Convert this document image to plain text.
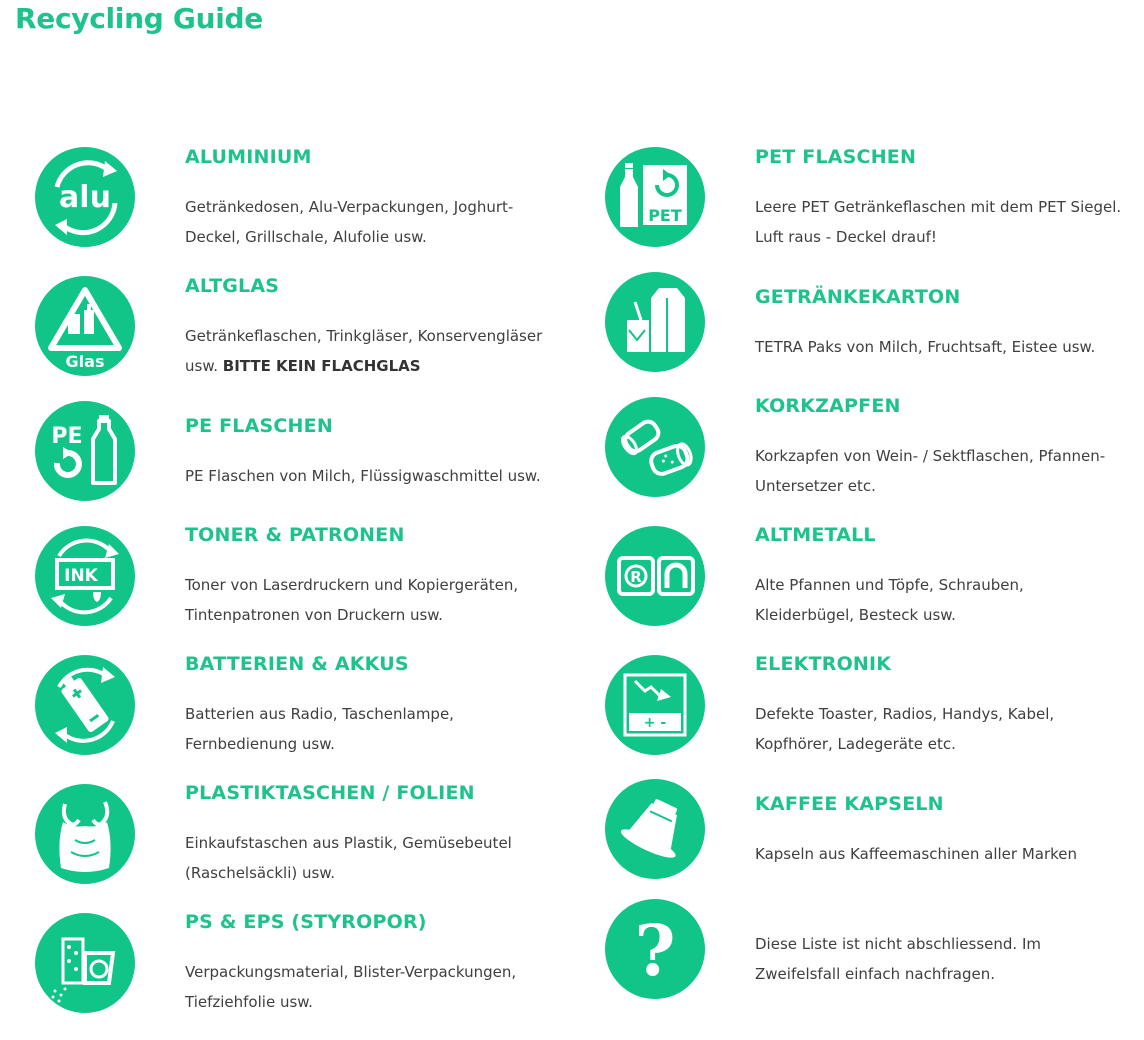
Recycling Guide
alu
ALUMINIUM

Getränkedosen, Alu-Verpackungen, Joghurt-Deckel, Grillschale, Alufolie usw.

Glas
ALTGLAS

Getränkeflaschen, Trinkgläser, Konservengläser usw. BITTE KEIN FLACHGLAS

PE	PE FLASCHEN

PE Flaschen von Milch, Flüssigwaschmittel usw.

INK
TONER & PATRONEN

Toner von Laserdruckern und Kopiergeräten, Tintenpatronen von Druckern usw.

BATTERIEN & AKKUS

Batterien aus Radio, Taschenlampe, Fernbedienung usw.

PLASTIKTASCHEN / FOLIEN

Einkaufstaschen aus Plastik, Gemüsebeutel (Raschelsäckli) usw.

PS & EPS (STYROPOR)

Verpackungsmaterial, Blister-Verpackungen, Tiefziehfolie usw.

PET
PET FLASCHEN

Leere PET Getränkeflaschen mit dem PET Siegel. Luft raus - Deckel drauf!

GETRÄNKEKARTON

TETRA Paks von Milch, Fruchtsaft, Eistee usw.

KORKZAPFEN

Korkzapfen von Wein- / Sektflaschen, Pfannen-Untersetzer etc.

R
ALTMETALL

Alte Pfannen und Töpfe, Schrauben, Kleiderbügel, Besteck usw.

+ -
ELEKTRONIK

Defekte Toaster, Radios, Handys, Kabel, Kopfhörer, Ladegeräte etc.

KAFFEE KAPSELN

Kapseln aus Kaffeemaschinen aller Marken

?	Diese Liste ist nicht abschliessend. Im Zweifelsfall einfach nachfragen.
